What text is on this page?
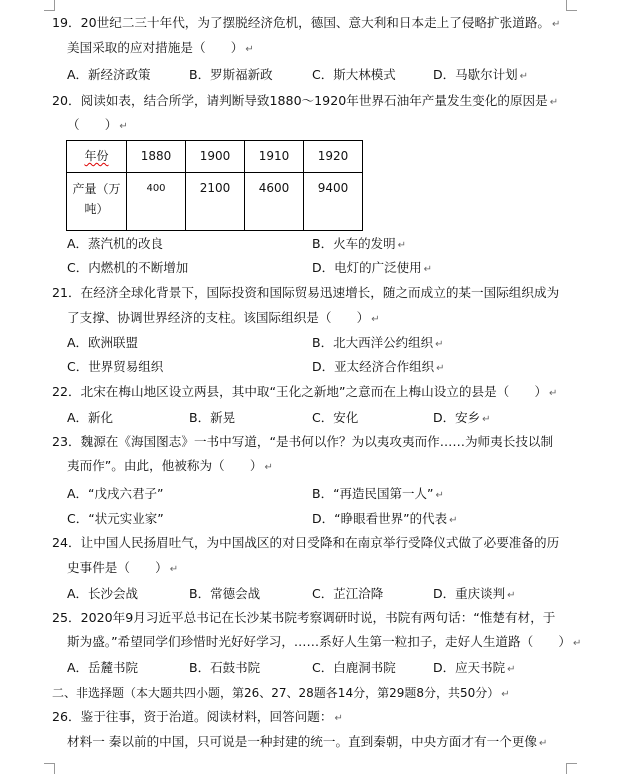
19．20世纪二三十年代，为了摆脱经济危机，德国、意大利和日本走上了侵略扩张道路。 ↵
美国采取的应对措施是（　　） ↵
A．新经济政策	B．罗斯福新政	C．斯大林模式	D．马歇尔计划 ↵
20．阅读如表，结合所学，请判断导致1880～1920年世界石油年产量发生变化的原因是 ↵
（　　） ↵
年份	1880	1900	1910	1920

产量（万
吨）	400	2100	4600	9400
A．蒸汽机的改良	B．火车的发明 ↵
C．内燃机的不断增加	D．电灯的广泛使用 ↵
21．在经济全球化背景下，国际投资和国际贸易迅速增长，随之而成立的某一国际组织成为
了支撑、协调世界经济的支柱。该国际组织是（　　） ↵
A．欧洲联盟	B．北大西洋公约组织 ↵
C．世界贸易组织	D．亚太经济合作组织 ↵
22．北宋在梅山地区设立两县，其中取“王化之新地”之意而在上梅山设立的县是（　　） ↵
A．新化	B．新晃	C．安化	D．安乡 ↵
23．魏源在《海国图志》一书中写道，“是书何以作？为以夷攻夷而作……为师夷长技以制
夷而作”。由此，他被称为（　　） ↵
A．“戊戌六君子”	B．“再造民国第一人” ↵
C．“状元实业家”	D．“睁眼看世界”的代表 ↵
24．让中国人民扬眉吐气，为中国战区的对日受降和在南京举行受降仪式做了必要准备的历
史事件是（　　） ↵
A．长沙会战	B．常德会战	C．芷江洽降	D．重庆谈判 ↵
25．2020年9月习近平总书记在长沙某书院考察调研时说，书院有两句话：“惟楚有材，于
斯为盛。”希望同学们珍惜时光好好学习，……系好人生第一粒扣子，走好人生道路（　　） ↵
A．岳麓书院	B．石鼓书院	C．白鹿洞书院	D．应天书院 ↵
二、非选择题（本大题共四小题，第26、27、28题各14分，第29题8分，共50分） ↵
26．鉴于往事，资于治道。阅读材料，回答问题： ↵
材料一 秦以前的中国，只可说是一种封建的统一。直到秦朝，中央方面才有一个更像 ↵
